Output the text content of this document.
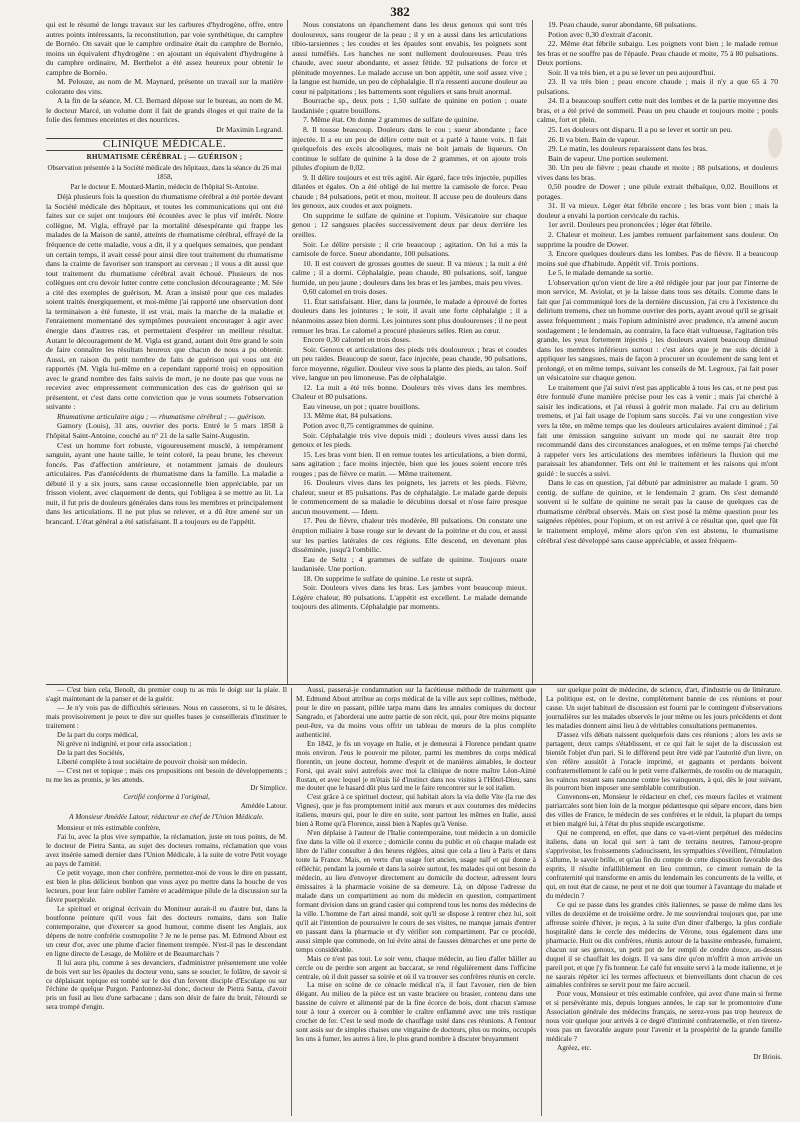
382

qui est le résumé de longs travaux sur les carbures d'hydrogène, offre, entre autres points intéressants, la reconstitution, par voie synthétique, du camphre de Bornéo. On savait que le camphre ordinaire était du camphre de Bornéo, moins un équivalent d'hydrogène : en ajoutant un équivalent d'hydrogène à du camphre ordinaire, M. Berthelot a été assez heureux pour obtenir le camphre de Bornéo.

M. Pelouze, au nom de M. Maynard, présente un travail sur la matière colorante des vins.

A la fin de la séance, M. Cl. Bernard dépose sur le bureau, au nom de M. le docteur Marcé, un volume dont il fait de grands éloges et qui traite de la folie des femmes enceintes et des nourrices.

Dr Maximin Legrand.

CLINIQUE MÉDICALE.
RHUMATISME CÉRÉBRAL ; — GUÉRISON ;

Observation présentée à la Société médicale des hôpitaux, dans la séance du 26 mai 1858,

Par le docteur E. Moutard-Martin, médecin de l'hôpital St-Antoine.

Déjà plusieurs fois la question du rhumatisme cérébral a été portée devant la Société médicale des hôpitaux, et toutes les communications qui ont été faites sur ce sujet ont toujours été écoutées avec le plus vif intérêt. Notre collègue, M. Vigla, effrayé par la mortalité désespérante qui frappe les malades de la Maison de santé, atteints de rhumatisme cérébral, effrayé de la fréquence de cette maladie, vous a dit, il y a quelques semaines, que pendant un certain temps, il avait cessé pour ainsi dire tout traitement du rhumatisme dans la crainte de favoriser son transport au cerveau ; il vous a dit aussi que tout traitement du rhumatisme cérébral avait échoué. Plusieurs de nos collègues ont cru devoir lutter contre cette conclusion décourageante ; M. Sée a cité des exemples de guérison, M. Aran a insisté pour que ces malades soient traités énergiquement, et moi-même j'ai rapporté une observation dont la terminaison a été funeste, il est vrai, mais la marche de la maladie et l'enraiement momentané des symptômes pouvaient encourager à agir avec énergie dans d'autres cas, et permettaient d'espérer un meilleur résultat. Autant le découragement de M. Vigla est grand, autant doit être grand le soin de faire connaître les résultats heureux que chacun de nous a pu obtenir. Aussi, en raison du petit nombre de faits de guérison qui vous ont été rapportés (M. Vigla lui-même en a cependant rapporté trois) en opposition avec le grand nombre des faits suivis de mort, je ne doute pas que vous ne receviez avec empressement communication des cas de guérison qui se présentent, et c'est dans cette conviction que je vous soumets l'observation suivante :

Rhumatisme articulaire aigu ; — rhumatisme cérébral ; — guérison.

Gamory (Louis), 31 ans, ouvrier des ports. Entré le 5 mars 1858 à l'hôpital Saint-Antoine, couché au n° 21 de la salle Saint-Augustin.

C'est un homme fort robuste, vigoureusement musclé, à tempérament sanguin, ayant une haute taille, le teint coloré, la peau brune, les cheveux foncés. Pas d'affection antérieure, et notamment jamais de douleurs articulaires. Pas d'antécédents de rhumatisme dans la famille. La maladie a débuté il y a six jours, sans cause occasionnelle bien appréciable, par un frisson violent, avec claquement de dents, qui l'obligea à se mettre au lit. La nuit, il fut pris de douleurs générales dans tous les membres et principalement dans les articulations. Il ne put plus se relever, et a dû être amené sur un brancard. L'état général a été satisfaisant. Il a toujours eu de l'appétit.

Nous constatons un épanchement dans les deux genoux qui sont très douloureux, sans rougeur de la peau ; il y en a aussi dans les articulations tibio-tarsiennes ; les coudes et les épaules sont envahis, les poignets sont aussi tuméfiés. Les hanches ne sont nullement douloureuses. Peau très chaude, avec sueur abondante, et assez fétide. 92 pulsations de force et plénitude moyennes. Le malade accuse un bon appétit, une soif assez vive ; la langue est humide, un peu de céphalalgie. Il n'a ressenti aucune douleur au cœur ni palpitations ; les battements sont réguliers et sans bruit anormal.

Bourrache sp., deux pots ; 1,50 sulfate de quinine en potion ; ouate laudanisée ; quatre bouillons.

7. Même état. On donne 2 grammes de sulfate de quinine.

8. Il tousse beaucoup. Douleurs dans le cou ; sueur abondante ; face injectée. Il a eu un peu de délire cette nuit et a parlé à haute voix. Il fait quelquefois des excès alcooliques, mais ne boit jamais de liqueurs. On continue le sulfate de quinine à la dose de 2 grammes, et on ajoute trois pilules d'opium de 0,02.

9. Il délire toujours et est très agité. Air égaré, face très injectée, pupilles dilatées et égales. On a été obligé de lui mettre la camisole de force. Peau chaude ; 84 pulsations, petit et mou, moiteur. Il accuse peu de douleurs dans les genoux, aux coudes et aux poignets.

On supprime le sulfate de quinine et l'opium. Vésicatoire sur chaque genou ; 12 sangsues placées successivement deux par deux derrière les oreilles.

Soir. Le délire persiste ; il crie beaucoup ; agitation. On lui a mis la camisole de force. Sueur abondante, 100 pulsations.

10. Il est couvert de grosses gouttes de sueur. Il va mieux ; la nuit a été calme ; il a dormi. Céphalalgie, peau chaude, 80 pulsations, soif, langue humide, un peu jaune ; douleurs dans les bras et les jambes, mais peu vives.

0,60 calomel en trois doses.

11. État satisfaisant. Hier, dans la journée, le malade a éprouvé de fortes douleurs dans les jointures ; le soir, il avait une forte céphalalgie ; il a néanmoins assez bien dormi. Les jointures sont plus douloureuses ; il ne peut remuer les bras. Le calomel a procuré plusieurs selles. Rien au cœur.

Encore 0,30 calomel en trois doses.

Soir. Genoux et articulations des pieds très douloureux ; bras et coudes un peu raides. Beaucoup de sueur, face injectée, peau chaude, 90 pulsations, force moyenne, régulier. Douleur vive sous la plante des pieds, au talon. Soif vive, langue un peu limoneuse. Pas de céphalalgie.

12. La nuit a été très bonne. Douleurs très vives dans les membres. Chaleur et 80 pulsations.

Eau vineuse, un pot ; quatre bouillons.

13. Même état, 84 pulsations.

Potion avec 0,75 centigrammes de quinine.

Soir. Céphalalgie très vive depuis midi ; douleurs vives aussi dans les genoux et les pieds.

15. Les bras vont bien. Il en remue toutes les articulations, a bien dormi, sans agitation ; face moins injectée, bien que les joues soient encore très rouges ; pas de fièvre ce matin. — Même traitement.

16. Douleurs vives dans les poignets, les jarrets et les pieds. Fièvre, chaleur, sueur et 85 pulsations. Pas de céphalalgie. Le malade garde depuis le commencement de sa maladie le décubitus dorsal et n'ose faire presque aucun mouvement. — Idem.

17. Peu de fièvre, chaleur très modérée, 80 pulsations. On constate une éruption miliaire à base rouge sur le devant de la poitrine et du cou, et aussi sur les parties latérales de ces régions. Elle descend, en devenant plus disséminée, jusqu'à l'ombilic.

Eau de Seltz ; 4 grammes de sulfate de quinine. Toujours ouate laudanisée. Une portion.

18. On supprime le sulfate de quinine. Le reste ut suprà.

Soir. Douleurs vives dans les bras. Les jambes vont beaucoup mieux. Légère chaleur, 80 pulsations. L'appétit est excellent. Le malade demande toujours des aliments. Céphalalgie par moments.

19. Peau chaude, sueur abondante, 68 pulsations.

Potion avec 0,30 d'extrait d'aconit.

22. Même état fébrile subaigu. Les poignets vont bien ; le malade remue les bras et ne souffre pas de l'épaule. Peau chaude et moite, 75 à 80 pulsations. Deux portions.

Soir. Il va très bien, et a pu se lever un peu aujourd'hui.

23. Il va très bien ; peau encore chaude ; mais il n'y a que 65 à 70 pulsations.

24. Il a beaucoup souffert cette nuit des lombes et de la partie moyenne des bras, et a été privé de sommeil. Peau un peu chaude et toujours moite ; pouls calme, fort et plein.

25. Les douleurs ont disparu. Il a pu se lever et sortir un peu.

26. Il va bien. Bain de vapeur.

29. Le matin, les douleurs reparaissent dans les bras.

Bain de vapeur. Une portion seulement.

30. Un peu de fièvre ; peau chaude et moite ; 88 pulsations, et douleurs vives dans les bras.

0,50 poudre de Dower ; une pilule extrait thébaïque, 0,02. Bouillons et potages.

31. Il va mieux. Léger état fébrile encore ; les bras vont bien ; mais la douleur a envahi la portion cervicale du rachis.

1er avril. Douleurs peu prononcées ; léger état fébrile.

2. Chaleur et moiteur. Les jambes remuent parfaitement sans douleur. On supprime la poudre de Dower.

3. Encore quelques douleurs dans les lombes. Pas de fièvre. Il a beaucoup moins sué que d'habitude. Appétit vif. Trois portions.

Le 5, le malade demande sa sortie.

L'observation qu'on vient de lire a été rédigée jour par jour par l'interne de mon service, M. Aviolat, et je la laisse dans tous ses détails. Comme dans le fait que j'ai communiqué lors de la dernière discussion, j'ai cru à l'existence du delirium tremens, chez un homme ouvrier des ports, ayant avoué qu'il se grisait assez fréquemment ; mais l'opium administré avec prudence, n'a amené aucun soulagement ; le lendemain, au contraire, la face était vultueuse, l'agitation très grande, les yeux fortement injectés ; les douleurs avaient beaucoup diminué dans les membres inférieurs surtout : c'est alors que je me suis décidé à appliquer les sangsues, mais de façon à procurer un écoulement de sang lent et prolongé, et en même temps, suivant les conseils de M. Legroux, j'ai fait poser un vésicatoire sur chaque genou.

Le traitement que j'ai suivi n'est pas applicable à tous les cas, et ne peut pas être formulé d'une manière précise pour les cas à venir ; mais j'ai cherché à saisir les indications, et j'ai réussi à guérir mon malade. J'ai cru au delirium tremens, et j'ai fait usage de l'opium sans succès. J'ai vu une congestion vive vers la tête, en même temps que les douleurs articulaires avaient diminué ; j'ai fait une émission sanguine suivant un mode qui ne saurait être trop recommandé dans des circonstances analogues, et en même temps j'ai cherché à rappeler vers les articulations des membres inférieurs la fluxion qui me paraissait les abandonner. Tels ont été le traitement et les raisons qui m'ont guidé : le succès a suivi.

Dans le cas en question, j'ai débuté par administrer au malade 1 gram. 50 centig. de sulfate de quinine, et le lendemain 2 gram. On s'est demandé souvent si le sulfate de quinine ne serait pas la cause de quelques cas de rhumatisme cérébral observés. Mais on s'est posé la même question pour les saignées répétées, pour l'opium, et on est arrivé à ce résultat que, quel que fût le traitement employé, même alors qu'on s'en est abstenu, le rhumatisme cérébral s'est développé sans cause appréciable, et assez fréquem-

— C'est bien cela, Benoît, du premier coup tu as mis le doigt sur la plaie. Il s'agit maintenant de la panser et de la guérir.

— Je n'y vois pas de difficultés sérieuses. Nous en causerons, si tu le désires, mais provisoirement je peux te dire sur quelles bases je conseillerais d'instituer le traitement :

De la part du corps médical,

Ni grève ni indignité, et pour cela association ;

De la part des Sociétés,

Liberté complète à tout sociétaire de pouvoir choisir son médecin.

— C'est net et topique ; mais ces propositions ont besoin de développements ; tu me les as promis, je les attends.

Dr Simplice.

Certifié conforme à l'original,

Amédée Latour.

A Monsieur Amédée Latour, rédacteur en chef de l'Union Médicale.

Monsieur et très estimable confrère,

J'ai lu, avec la plus vive sympathie, la réclamation, juste en tous points, de M. le docteur de Pietra Santa, au sujet des docteurs romains, réclamation que vous avez insérée samedi dernier dans l'Union Médicale, à la suite de votre Petit voyage au pays de l'amitié.

Ce petit voyage, mon cher confrère, permettez-moi de vous le dire en passant, est bien le plus délicieux bonbon que vous ayez pu mettre dans la bouche de vos lecteurs, pour leur faire oublier l'amère et académique pilule de la discussion sur la fièvre puerpérale.

Le spirituel et original écrivain du Moniteur aurait-il eu d'autre but, dans la boutfonne peinture qu'il vous fait des docteurs romains, dans son Italie contemporaine, que d'exercer sa good humour, comme disent les Anglais, aux dépens de notre confrérie cosmopolite ? Je ne le pense pas. M. Edmond About est un cœur d'or, avec une plume d'acier finement trempée. N'est-il pas le descendant en ligne directe de Lesage, de Molière et de Beaumarchais ?

Il lui aura plu, comme à ses devanciers, d'administrer présentement une volée de bois vert sur les épaules du docteur venu, sans se soucier, le folâtre, de savoir si ce déplaisant topique est tombé sur le dos d'un fervent disciple d'Esculape ou sur l'échine de quelque Purgon. Pardonnez-lui donc, docteur de Pietra Santa, d'avoir pris un fusil au lieu d'une sarbacane ; dans son désir de faire du bruit, l'étourdi se sera trompé d'engin.

Aussi, passerai-je condamnation sur la facétieuse méthode de traitement que M. Edmond About attribue au corps médical de la ville aux sept collines, méthode, pour le dire en passant, pillée tarpa manu dans les annales comiques du docteur Sangrado, et j'aborderai une autre partie de son récit, qui, pour être moins piquante peut-être, va du moins vous offrir un tableau de mœurs de la plus complète authenticité.

En 1842, je fis un voyage en Italie, et je demeurai à Florence pendant quatre mois environ. J'eus le pouvoir me piloter, parmi les membres du corps médical florentin, un jeune docteur, homme d'esprit et de manières aimables, le docteur Forsi, qui avait suivi autrefois avec moi la clinique de notre maître Léon-Aimé Rostan, et avec lequel je m'étais lié d'instinct dans nos visites à l'Hôtel-Dieu, sans me douter que le hasard dût plus tard me le faire rencontrer sur le sol italien.

C'est grâce à ce spirituel docteur, qui habitait alors la via delle Vite (la rue des Vignes), que je fus promptement initié aux mœurs et aux coutumes des médecins italiens, mœurs qui, pour le dire en suite, sont partout les mêmes en Italie, aussi bien à Rome qu'à Florence, aussi bien à Naples qu'à Venise.

N'en déplaise à l'auteur de l'Italie contemporaine, tout médecin a un domicile fixe dans la ville où il exerce ; domicile connu du public et où chaque malade est libre de l'aller consulter à des heures réglées, ainsi que cela a lieu à Paris et dans toute la France. Mais, en vertu d'un usage fort ancien, usage naïf et qui donne à réfléchir, pendant la journée et dans la soirée surtout, les malades qui ont besoin du médecin, au lieu d'envoyer directement au domicile du docteur, adressent leurs émissaires à la pharmacie voisine de sa demeure. Là, on dépose l'adresse du malade dans un compartiment au nom du médecin en question, compartiment formant division dans un grand casier qui comprend tous les noms des médecins de la ville. L'homme de l'art ainsi mandé, soit qu'il se dispose à rentrer chez lui, soit qu'il ait l'intention de poursuivre le cours de ses visites, ne manque jamais d'entrer en passant dans la pharmacie et d'y vérifier son compartiment. Par ce procédé, aussi simple que commode, on lui évite ainsi de fausses démarches et une perte de temps considérable.

Mais ce n'est pas tout. Le soir venu, chaque médecin, au lieu d'aller bâiller au cercle ou de perdre son argent au baccarat, se rend régulièrement dans l'officine centrale, où il doit passer sa soirée et où il va trouver ses confrères réunis en cercle.

La mise en scène de ce cénacle médical n'a, il faut l'avouer, rien de bien élégant. Au milieu de la pièce est un vaste braciere ou brasier, contenu dans une bassine de cuivre et alimenté par de la fine écorce de bois, dont chacun s'amuse tour à tour à exercer ou à combler le craître enflammé avec une très rustique crochet de fer. C'est le seul mode de chauffage usité dans ces réunions. A l'entour sont assis sur de simples chaises une vingtaine de docteurs, plus ou moins, occupés les uns à fumer, les autres à lire, le plus grand nombre à discuter bruyamment

sur quelque point de médecine, de science, d'art, d'industrie ou de littérature. La politique est, on le devine, complètement bannie de ces réunions et pour cause. Un sujet habituel de discussion est fourni par le contingent d'observations journalières sur les malades observés le jour même ou les jours précédents et dont les maladies donnent ainsi lieu à de véritables consultations permanentes.

D'assez vifs débats naissent quelquefois dans ces réunions ; alors les avis se partagent, deux camps s'établissent, et ce qui fait le sujet de la discussion est bientôt l'objet d'un pari. Si le différend peut être vidé par l'autorité d'un livre, on s'en réfère aussitôt à l'oracle imprimé, et gagnants et perdants boivent confraternellement le café ou le petit verre d'alkermès, de rosolio ou de maraquin, les vaincus restant sans rancune contre les vainqueurs, à qui, dès le jour suivant, ils pourront bien imposer une semblable contribution.

Convenons-en, Monsieur le rédacteur en chef, ces mœurs faciles et vraiment patriarcales sont bien loin de la morgue pédantesque qui sépare encore, dans bien des villes de France, le médecin de ses confrères et le réduit, la plupart du temps et bien malgré lui, à l'état du plus stupide escargotisme.

Qui ne comprend, en effet, que dans ce va-et-vient perpétuel des médecins italiens, dans un local qui sert à tant de terrains neutres, l'amour-propre s'apprivoise, les froissements s'adoucissent, les sympathies s'éveillent, l'émulation s'allume, le savoir brille, et qu'au fin du compte de cette disposition favorable des esprits, il résulte infailliblement en lieu commun, ce ciment romain de la confraternité qui transforme en amis du lendemain les concurrents de la veille, et qui, en tout état de cause, ne peut et ne doit que tourner à l'avantage du malade et du médecin ?

Ce qui se passe dans les grandes cités italiennes, se passe de même dans les villes de deuxième et de troisième ordre. Je me souviendrai toujours que, par une affreuse soirée d'hiver, je reçus, à la suite d'un diner d'albergo, la plus cordiale hospitalité dans le cercle des médecins de Vérone, tous également dans une pharmacie. Huit ou dix confrères, réunis autour de la bassine embrasée, fumaient, chacun sur ses genoux, un petit pot de fer rempli de cendre douce, au-dessus duquel il se chauffait les doigts. Il va sans dire qu'on m'offrit à mon arrivée un pareil pot, et que j'y fis honneur. Le café fut ensuite servi à la mode italienne, et je ne saurais répéter ici les termes affectueux et bienveillants dont chacun de ces aimables confrères se servit pour me faire accueil.

Pour vous, Monsieur et très estimable confrère, qui avez d'une main si ferme et si persévérante mis, depuis longues années, le cap sur le promontoire d'une Association générale des médecins français, ne serez-vous pas trop heureux de nous voir quelque jour arrivés à ce degré d'intimité confraternelle, et n'en tirerez-vous pas un favorable augure pour l'avenir et la prospérité de la grande famille médicale ?

Agréez, etc.

Dr Briois.
